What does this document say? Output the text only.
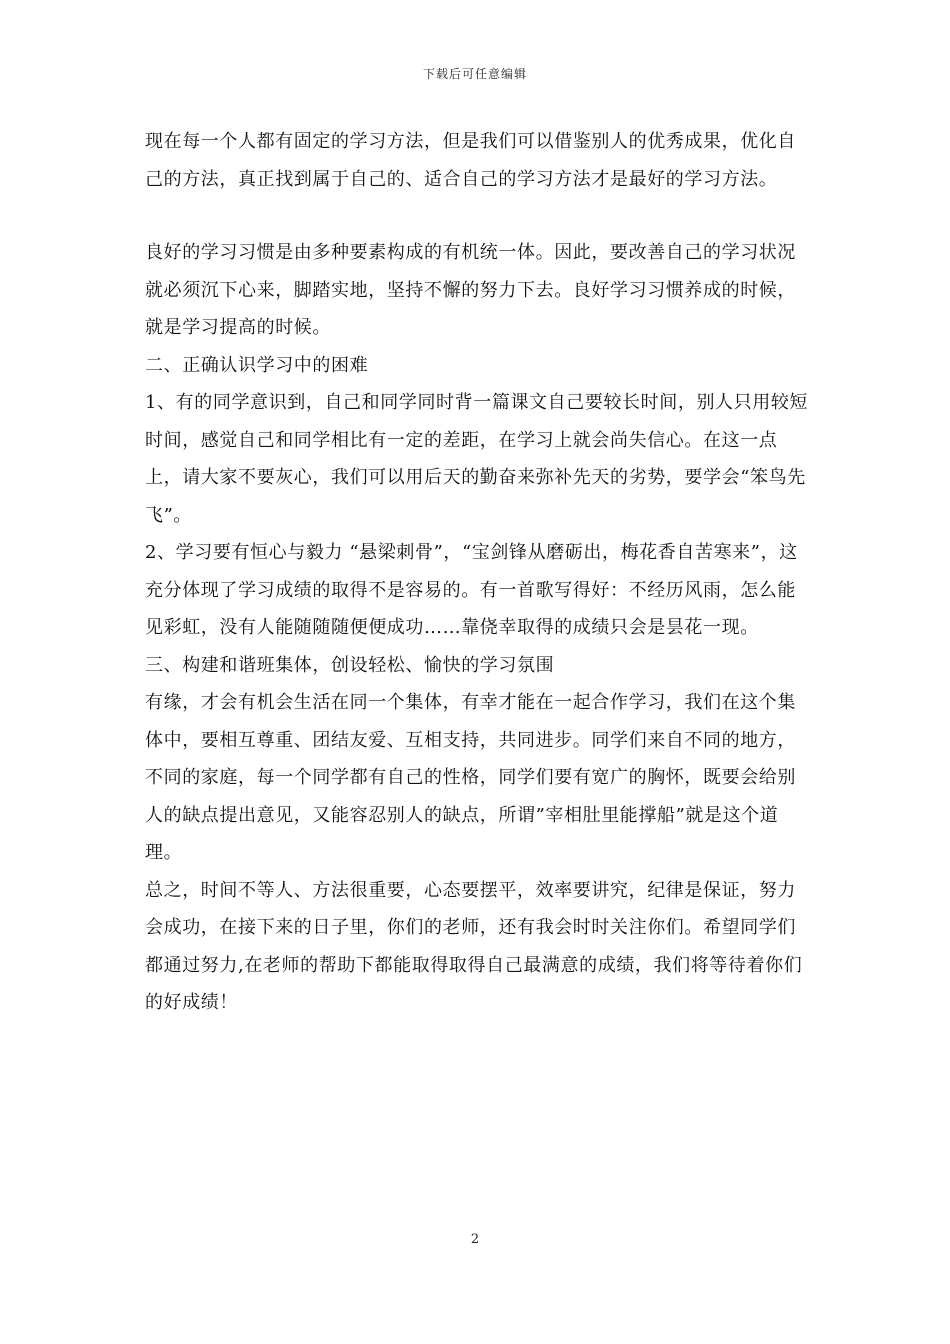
下载后可任意编辑

现在每一个人都有固定的学习方法，但是我们可以借鉴别人的优秀成果，优化自己的方法，真正找到属于自己的、适合自己的学习方法才是最好的学习方法。

良好的学习习惯是由多种要素构成的有机统一体。因此，要改善自己的学习状况就必须沉下心来，脚踏实地，坚持不懈的努力下去。良好学习习惯养成的时候，就是学习提高的时候。

二、正确认识学习中的困难

1、有的同学意识到，自己和同学同时背一篇课文自己要较长时间，别人只用较短时间，感觉自己和同学相比有一定的差距，在学习上就会尚失信心。在这一点上，请大家不要灰心，我们可以用后天的勤奋来弥补先天的劣势，要学会“笨鸟先飞”。

2、学习要有恒心与毅力 “悬梁刺骨”，“宝剑锋从磨砺出，梅花香自苦寒来”，这充分体现了学习成绩的取得不是容易的。有一首歌写得好：不经历风雨，怎么能见彩虹，没有人能随随随便便成功……靠侥幸取得的成绩只会是昙花一现。

三、构建和谐班集体，创设轻松、愉快的学习氛围

有缘，才会有机会生活在同一个集体，有幸才能在一起合作学习，我们在这个集体中，要相互尊重、团结友爱、互相支持，共同进步。同学们来自不同的地方，不同的家庭，每一个同学都有自己的性格，同学们要有宽广的胸怀，既要会给别人的缺点提出意见，又能容忍别人的缺点，所谓”宰相肚里能撑船”就是这个道理。

总之，时间不等人、方法很重要，心态要摆平，效率要讲究，纪律是保证，努力会成功，在接下来的日子里，你们的老师，还有我会时时关注你们。希望同学们都通过努力,在老师的帮助下都能取得取得自己最满意的成绩，我们将等待着你们的好成绩！

2
